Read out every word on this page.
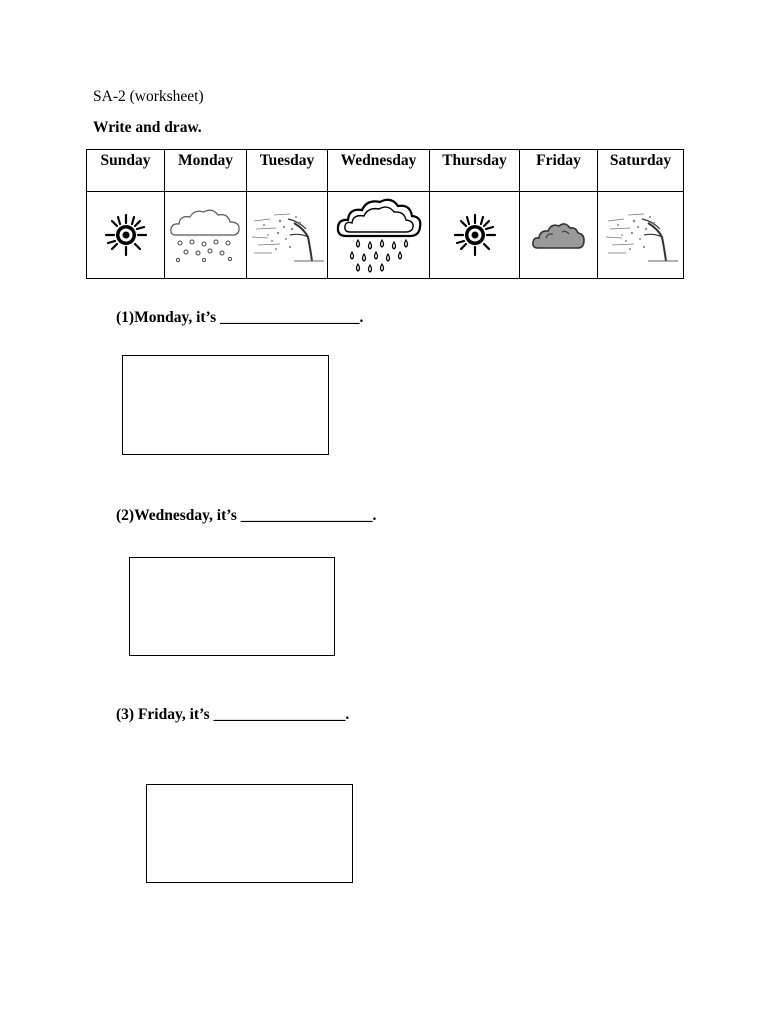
SA-2 (worksheet)
Write and draw.
Sunday	Monday	Tuesday	Wednesday	Thursday	Friday	Saturday

(1)Monday, it’s __________________.
(2)Wednesday, it’s _________________.
(3) Friday, it’s _________________.
